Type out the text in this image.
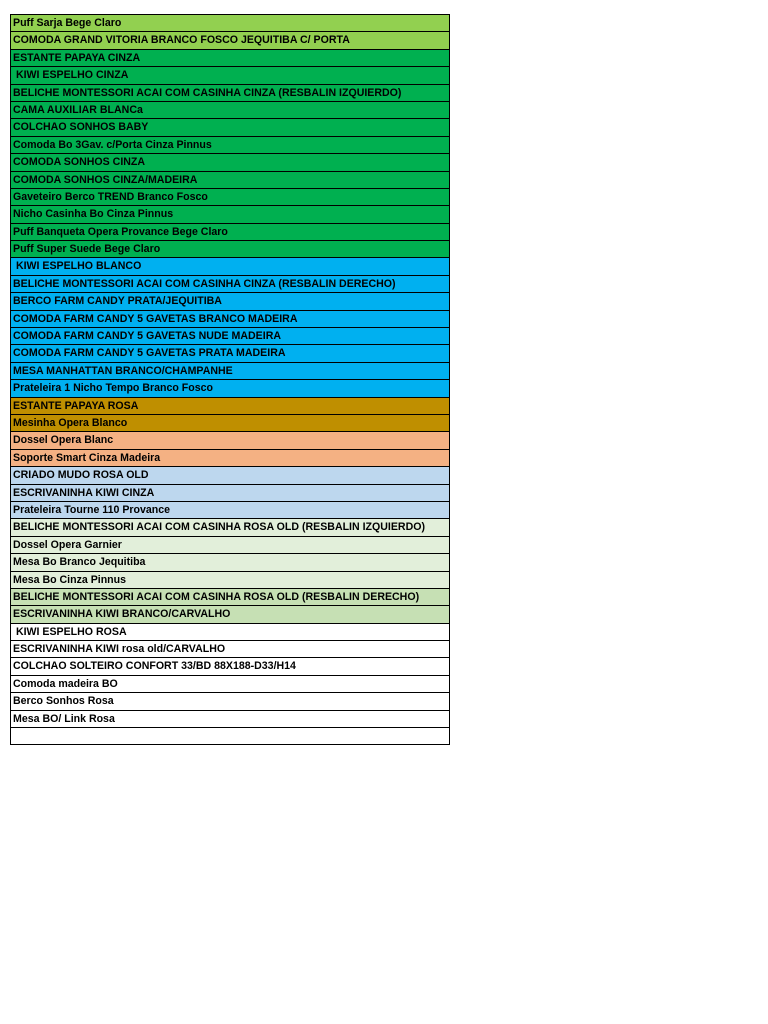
Puff Sarja Bege Claro
COMODA GRAND VITORIA BRANCO FOSCO JEQUITIBA C/ PORTA
ESTANTE PAPAYA CINZA
KIWI ESPELHO CINZA
BELICHE MONTESSORI ACAI COM CASINHA CINZA (RESBALIN IZQUIERDO)
CAMA AUXILIAR BLANCa
COLCHAO SONHOS BABY
Comoda Bo 3Gav. c/Porta Cinza Pinnus
COMODA SONHOS CINZA
COMODA SONHOS CINZA/MADEIRA
Gaveteiro Berco TREND Branco Fosco
Nicho Casinha Bo Cinza Pinnus
Puff Banqueta Opera Provance Bege Claro
Puff Super Suede Bege Claro
KIWI ESPELHO BLANCO
BELICHE MONTESSORI ACAI COM CASINHA CINZA (RESBALIN DERECHO)
BERCO FARM CANDY PRATA/JEQUITIBA
COMODA FARM CANDY 5 GAVETAS BRANCO MADEIRA
COMODA FARM CANDY 5 GAVETAS NUDE MADEIRA
COMODA FARM CANDY 5 GAVETAS PRATA MADEIRA
MESA MANHATTAN BRANCO/CHAMPANHE
Prateleira 1 Nicho Tempo Branco Fosco
ESTANTE PAPAYA ROSA
Mesinha Opera Blanco
Dossel Opera Blanc
Soporte Smart Cinza Madeira
CRIADO MUDO ROSA OLD
ESCRIVANINHA KIWI CINZA
Prateleira Tourne 110 Provance
BELICHE MONTESSORI ACAI COM CASINHA ROSA OLD (RESBALIN IZQUIERDO)
Dossel Opera Garnier
Mesa Bo Branco Jequitiba
Mesa Bo Cinza Pinnus
BELICHE MONTESSORI ACAI COM CASINHA ROSA OLD (RESBALIN DERECHO)
ESCRIVANINHA KIWI BRANCO/CARVALHO
KIWI ESPELHO ROSA
ESCRIVANINHA KIWI rosa old/CARVALHO
COLCHAO SOLTEIRO CONFORT 33/BD 88X188-D33/H14
Comoda madeira BO
Berco Sonhos Rosa
Mesa BO/ Link Rosa
